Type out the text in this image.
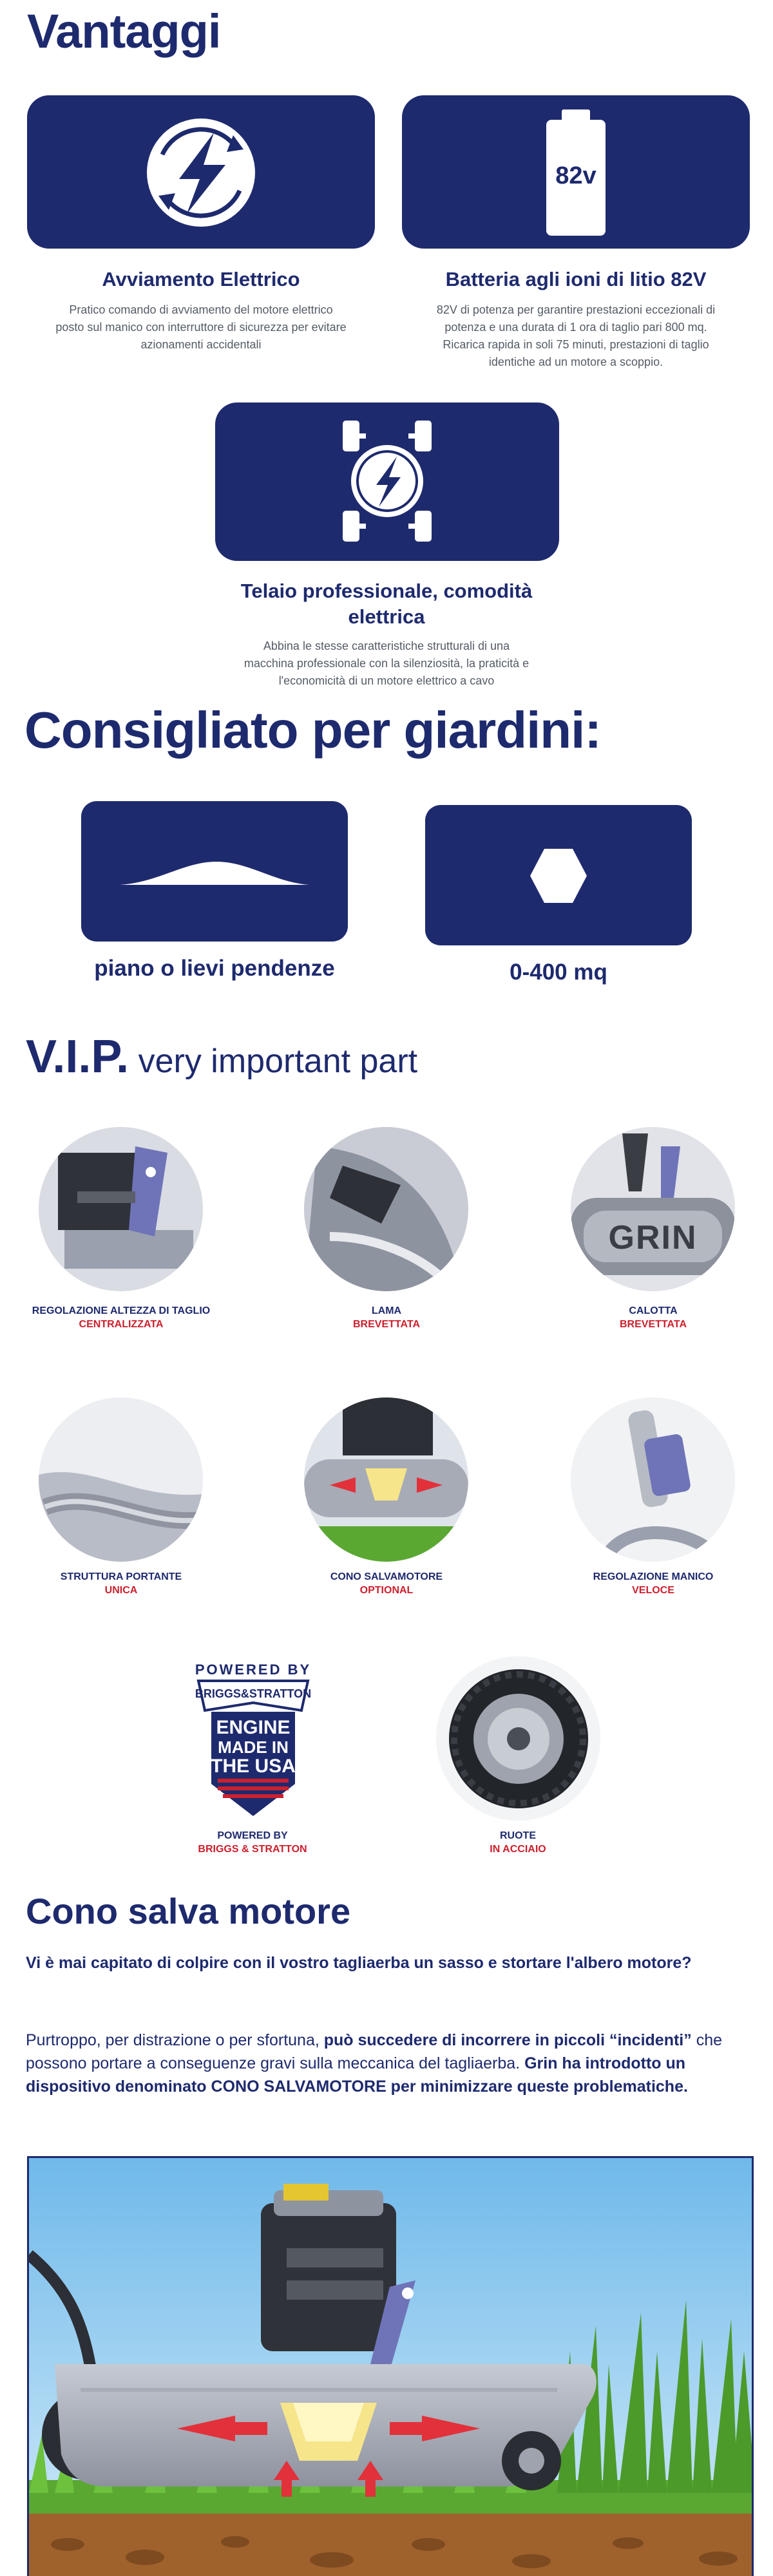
Vantaggi
Avviamento Elettrico
Pratico comando di avviamento del motore elettrico
posto sul manico con interruttore di sicurezza per evitare
azionamenti accidentali
82v
Batteria agli ioni di litio 82V
82V di potenza per garantire prestazioni eccezionali di
potenza e una durata di 1 ora di taglio pari 800 mq.
Ricarica rapida in soli 75 minuti, prestazioni di taglio
identiche ad un motore a scoppio.
Telaio professionale, comodità
elettrica
Abbina le stesse caratteristiche strutturali di una
macchina professionale con la silenziosità, la praticità e
l'economicità di un motore elettrico a cavo
Consigliato per giardini:
piano o lievi pendenze	0-400 mq
V.I.P. very important part
REGOLAZIONE ALTEZZA DI TAGLIO
CENTRALIZZATA
LAMA
BREVETTATA
GRIN
CALOTTA
BREVETTATA
STRUTTURA PORTANTE
UNICA
CONO SALVAMOTORE
OPTIONAL
REGOLAZIONE MANICO
VELOCE
POWERED BY
BRIGGS&STRATTON
ENGINE
MADE IN
THE USA
POWERED BY
BRIGGS & STRATTON
RUOTE
IN ACCIAIO
Cono salva motore
Vi è mai capitato di colpire con il vostro tagliaerba un sasso e stortare l'albero motore?
Purtroppo, per distrazione o per sfortuna, può succedere di incorrere in piccoli “incidenti” che possono portare a conseguenze gravi sulla meccanica del tagliaerba. Grin ha introdotto un dispositivo denominato CONO SALVAMOTORE per minimizzare queste problematiche.
